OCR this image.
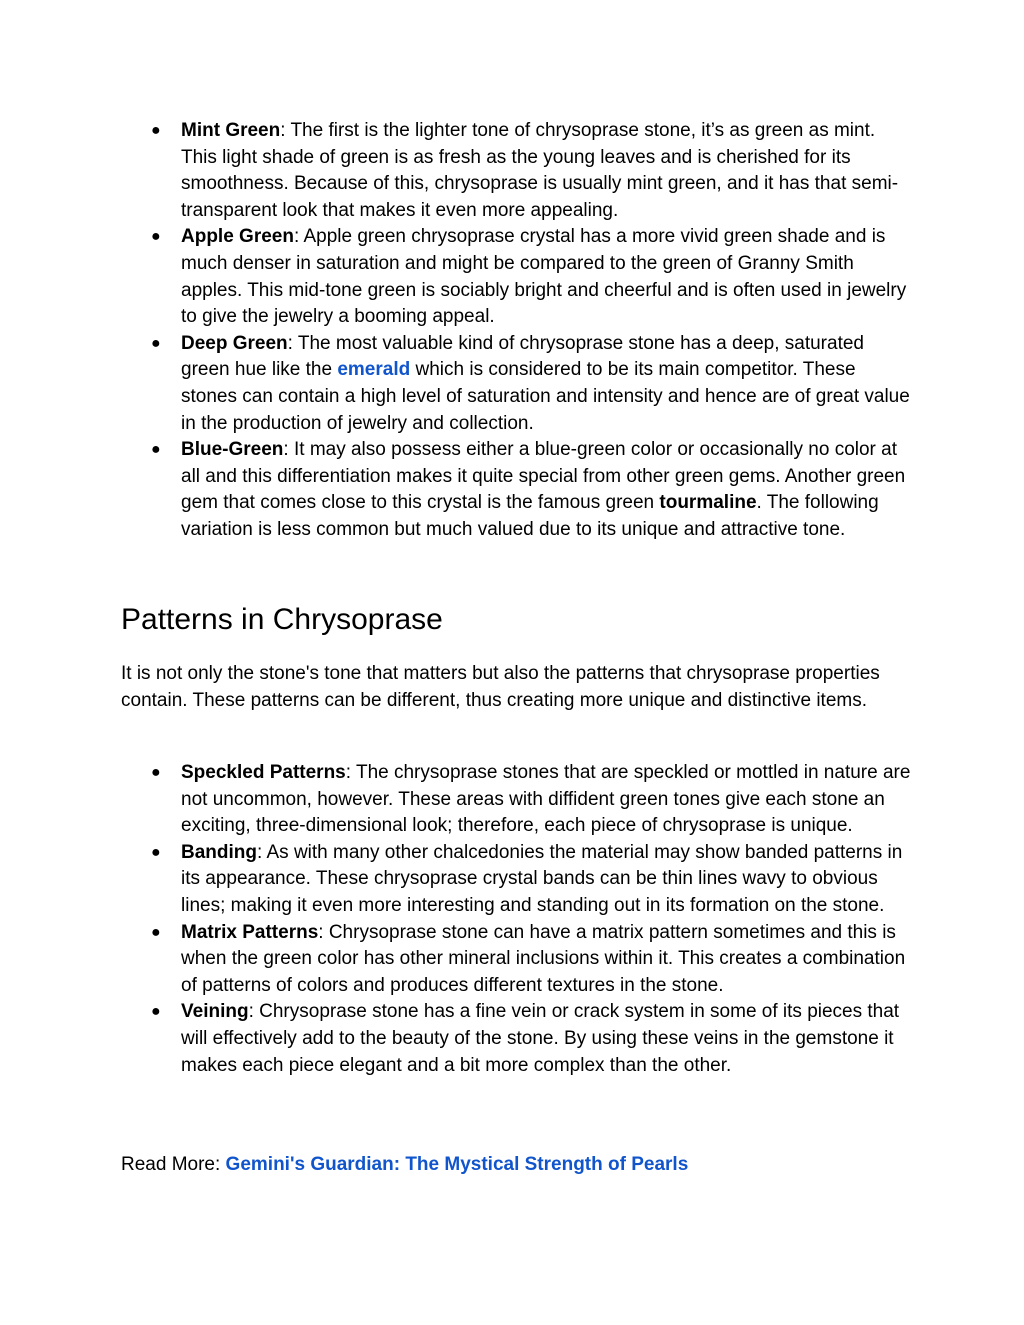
● Mint Green: The first is the lighter tone of chrysoprase stone, it’s as green as mint. This light shade of green is as fresh as the young leaves and is cherished for its smoothness. Because of this, chrysoprase is usually mint green, and it has that semi-transparent look that makes it even more appealing.
● Apple Green: Apple green chrysoprase crystal has a more vivid green shade and is much denser in saturation and might be compared to the green of Granny Smith apples. This mid-tone green is sociably bright and cheerful and is often used in jewelry to give the jewelry a booming appeal.
● Deep Green: The most valuable kind of chrysoprase stone has a deep, saturated green hue like the emerald which is considered to be its main competitor. These stones can contain a high level of saturation and intensity and hence are of great value in the production of jewelry and collection.
● Blue-Green: It may also possess either a blue-green color or occasionally no color at all and this differentiation makes it quite special from other green gems. Another green gem that comes close to this crystal is the famous green tourmaline. The following variation is less common but much valued due to its unique and attractive tone.
Patterns in Chrysoprase

It is not only the stone's tone that matters but also the patterns that chrysoprase properties contain. These patterns can be different, thus creating more unique and distinctive items.

● Speckled Patterns: The chrysoprase stones that are speckled or mottled in nature are not uncommon, however. These areas with diffident green tones give each stone an exciting, three-dimensional look; therefore, each piece of chrysoprase is unique.
● Banding: As with many other chalcedonies the material may show banded patterns in its appearance. These chrysoprase crystal bands can be thin lines wavy to obvious lines; making it even more interesting and standing out in its formation on the stone.
● Matrix Patterns: Chrysoprase stone can have a matrix pattern sometimes and this is when the green color has other mineral inclusions within it. This creates a combination of patterns of colors and produces different textures in the stone.
● Veining: Chrysoprase stone has a fine vein or crack system in some of its pieces that will effectively add to the beauty of the stone. By using these veins in the gemstone it makes each piece elegant and a bit more complex than the other.

Read More: Gemini's Guardian: The Mystical Strength of Pearls
